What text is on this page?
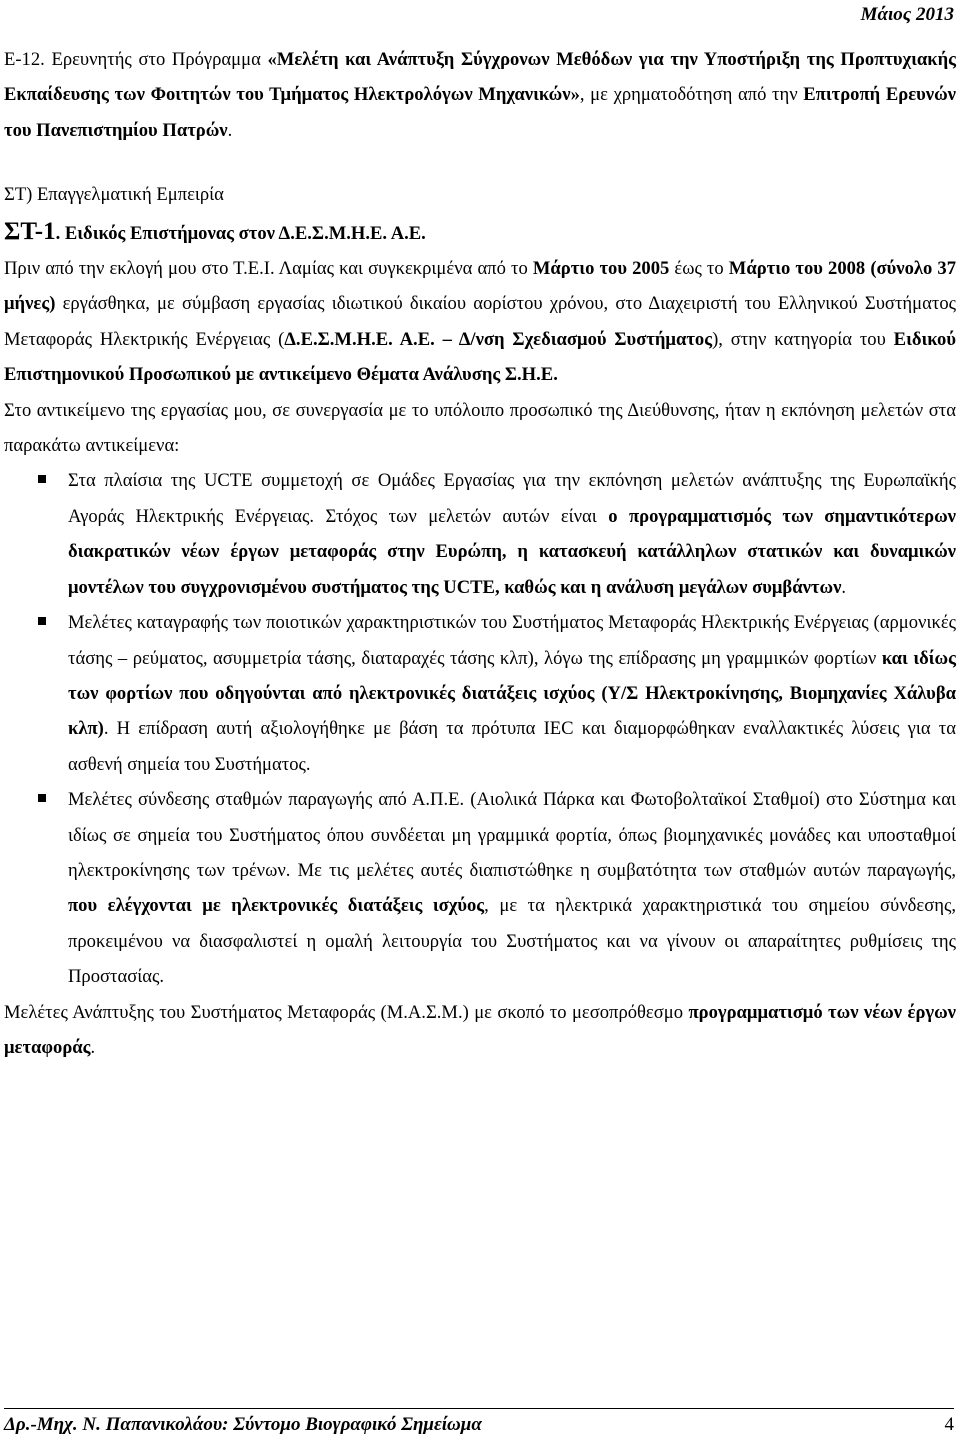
Μάιος 2013

Ε-12. Ερευνητής στο Πρόγραμμα «Μελέτη και Ανάπτυξη Σύγχρονων Μεθόδων για την Υποστήριξη της Προπτυχιακής Εκπαίδευσης των Φοιτητών του Τμήματος Ηλεκτρολόγων Μηχανικών», με χρηματοδότηση από την Επιτροπή Ερευνών του Πανεπιστημίου Πατρών.

ΣΤ) Επαγγελματική Εμπειρία

ΣΤ-1. Ειδικός Επιστήμονας στον Δ.Ε.Σ.Μ.Η.Ε. Α.Ε.

Πριν από την εκλογή μου στο Τ.Ε.Ι. Λαμίας και συγκεκριμένα από το Μάρτιο του 2005 έως το Μάρτιο του 2008 (σύνολο 37 μήνες) εργάσθηκα, με σύμβαση εργασίας ιδιωτικού δικαίου αορίστου χρόνου, στο Διαχειριστή του Ελληνικού Συστήματος Μεταφοράς Ηλεκτρικής Ενέργειας (Δ.Ε.Σ.Μ.Η.Ε. Α.Ε. – Δ/νση Σχεδιασμού Συστήματος), στην κατηγορία του Ειδικού Επιστημονικού Προσωπικού με αντικείμενο Θέματα Ανάλυσης Σ.Η.Ε.

Στο αντικείμενο της εργασίας μου, σε συνεργασία με το υπόλοιπο προσωπικό της Διεύθυνσης, ήταν η εκπόνηση μελετών στα παρακάτω αντικείμενα:

Στα πλαίσια της UCTE συμμετοχή σε Ομάδες Εργασίας για την εκπόνηση μελετών ανάπτυξης της Ευρωπαϊκής Αγοράς Ηλεκτρικής Ενέργειας. Στόχος των μελετών αυτών είναι ο προγραμματισμός των σημαντικότερων διακρατικών νέων έργων μεταφοράς στην Ευρώπη, η κατασκευή κατάλληλων στατικών και δυναμικών μοντέλων του συγχρονισμένου συστήματος της UCTE, καθώς και η ανάλυση μεγάλων συμβάντων.

Μελέτες καταγραφής των ποιοτικών χαρακτηριστικών του Συστήματος Μεταφοράς Ηλεκτρικής Ενέργειας (αρμονικές τάσης – ρεύματος, ασυμμετρία τάσης, διαταραχές τάσης κλπ), λόγω της επίδρασης μη γραμμικών φορτίων και ιδίως των φορτίων που οδηγούνται από ηλεκτρονικές διατάξεις ισχύος (Υ/Σ Ηλεκτροκίνησης, Βιομηχανίες Χάλυβα κλπ). Η επίδραση αυτή αξιολογήθηκε με βάση τα πρότυπα IEC και διαμορφώθηκαν εναλλακτικές λύσεις για τα ασθενή σημεία του Συστήματος.

Μελέτες σύνδεσης σταθμών παραγωγής από Α.Π.Ε. (Αιολικά Πάρκα και Φωτοβολταϊκοί Σταθμοί) στο Σύστημα και ιδίως σε σημεία του Συστήματος όπου συνδέεται μη γραμμικά φορτία, όπως βιομηχανικές μονάδες και υποσταθμοί ηλεκτροκίνησης των τρένων. Με τις μελέτες αυτές διαπιστώθηκε η συμβατότητα των σταθμών αυτών παραγωγής, που ελέγχονται με ηλεκτρονικές διατάξεις ισχύος, με τα ηλεκτρικά χαρακτηριστικά του σημείου σύνδεσης, προκειμένου να διασφαλιστεί η ομαλή λειτουργία του Συστήματος και να γίνουν οι απαραίτητες ρυθμίσεις της Προστασίας.

Μελέτες Ανάπτυξης του Συστήματος Μεταφοράς (Μ.Α.Σ.Μ.) με σκοπό το μεσοπρόθεσμο προγραμματισμό των νέων έργων μεταφοράς.

Δρ.-Μηχ. Ν. Παπανικολάου: Σύντομο Βιογραφικό Σημείωμα	4
